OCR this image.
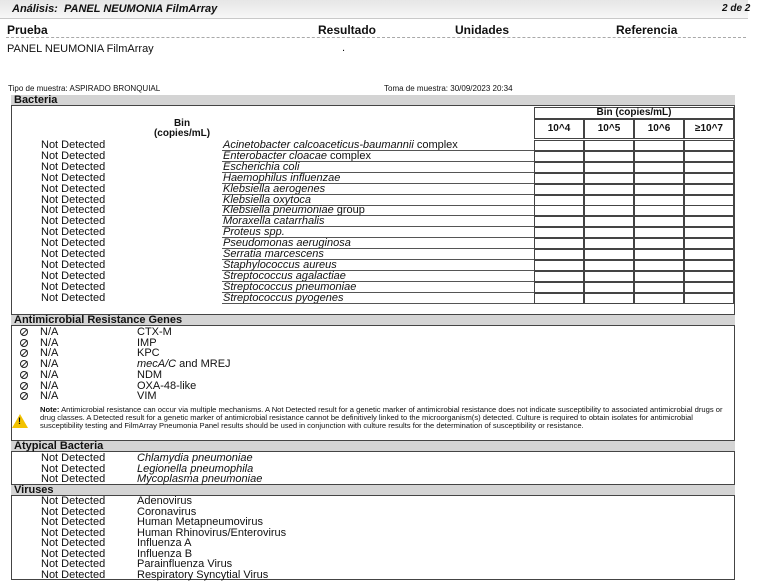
Análisis: PANEL NEUMONIA FilmArray	2 de 2
Prueba	Resultado	Unidades	Referencia
PANEL NEUMONIA FilmArray	.
Tipo de muestra: ASPIRADO BRONQUIAL	Toma de muestra: 30/09/2023 20:34
Bacteria
Bin
(copies/mL)
Bin (copies/mL)
10^4	10^5	10^6	≥10^7
Not Detected	Acinetobacter calcoaceticus-baumannii complex
Not Detected	Enterobacter cloacae complex
Not Detected	Escherichia coli
Not Detected	Haemophilus influenzae
Not Detected	Klebsiella aerogenes
Not Detected	Klebsiella oxytoca
Not Detected	Klebsiella pneumoniae group
Not Detected	Moraxella catarrhalis
Not Detected	Proteus spp.
Not Detected	Pseudomonas aeruginosa
Not Detected	Serratia marcescens
Not Detected	Staphylococcus aureus
Not Detected	Streptococcus agalactiae
Not Detected	Streptococcus pneumoniae
Not Detected	Streptococcus pyogenes
Antimicrobial Resistance Genes
N/A	CTX-M
N/A	IMP
N/A	KPC
N/A	mecA/C and MREJ
N/A	NDM
N/A	OXA-48-like
N/A	VIM
!
Note: Antimicrobial resistance can occur via multiple mechanisms. A Not Detected result for a genetic marker of antimicrobial resistance does not indicate susceptibility to associated antimicrobial drugs or drug classes. A Detected result for a genetic marker of antimicrobial resistance cannot be definitively linked to the microorganism(s) detected. Culture is required to obtain isolates for antimicrobial susceptibility testing and FilmArray Pneumonia Panel results should be used in conjunction with culture results for the determination of susceptibility or resistance.
Atypical Bacteria
Not Detected	Chlamydia pneumoniae
Not Detected	Legionella pneumophila
Not Detected	Mycoplasma pneumoniae
Viruses
Not Detected	Adenovirus
Not Detected	Coronavirus
Not Detected	Human Metapneumovirus
Not Detected	Human Rhinovirus/Enterovirus
Not Detected	Influenza A
Not Detected	Influenza B
Not Detected	Parainfluenza Virus
Not Detected	Respiratory Syncytial Virus
